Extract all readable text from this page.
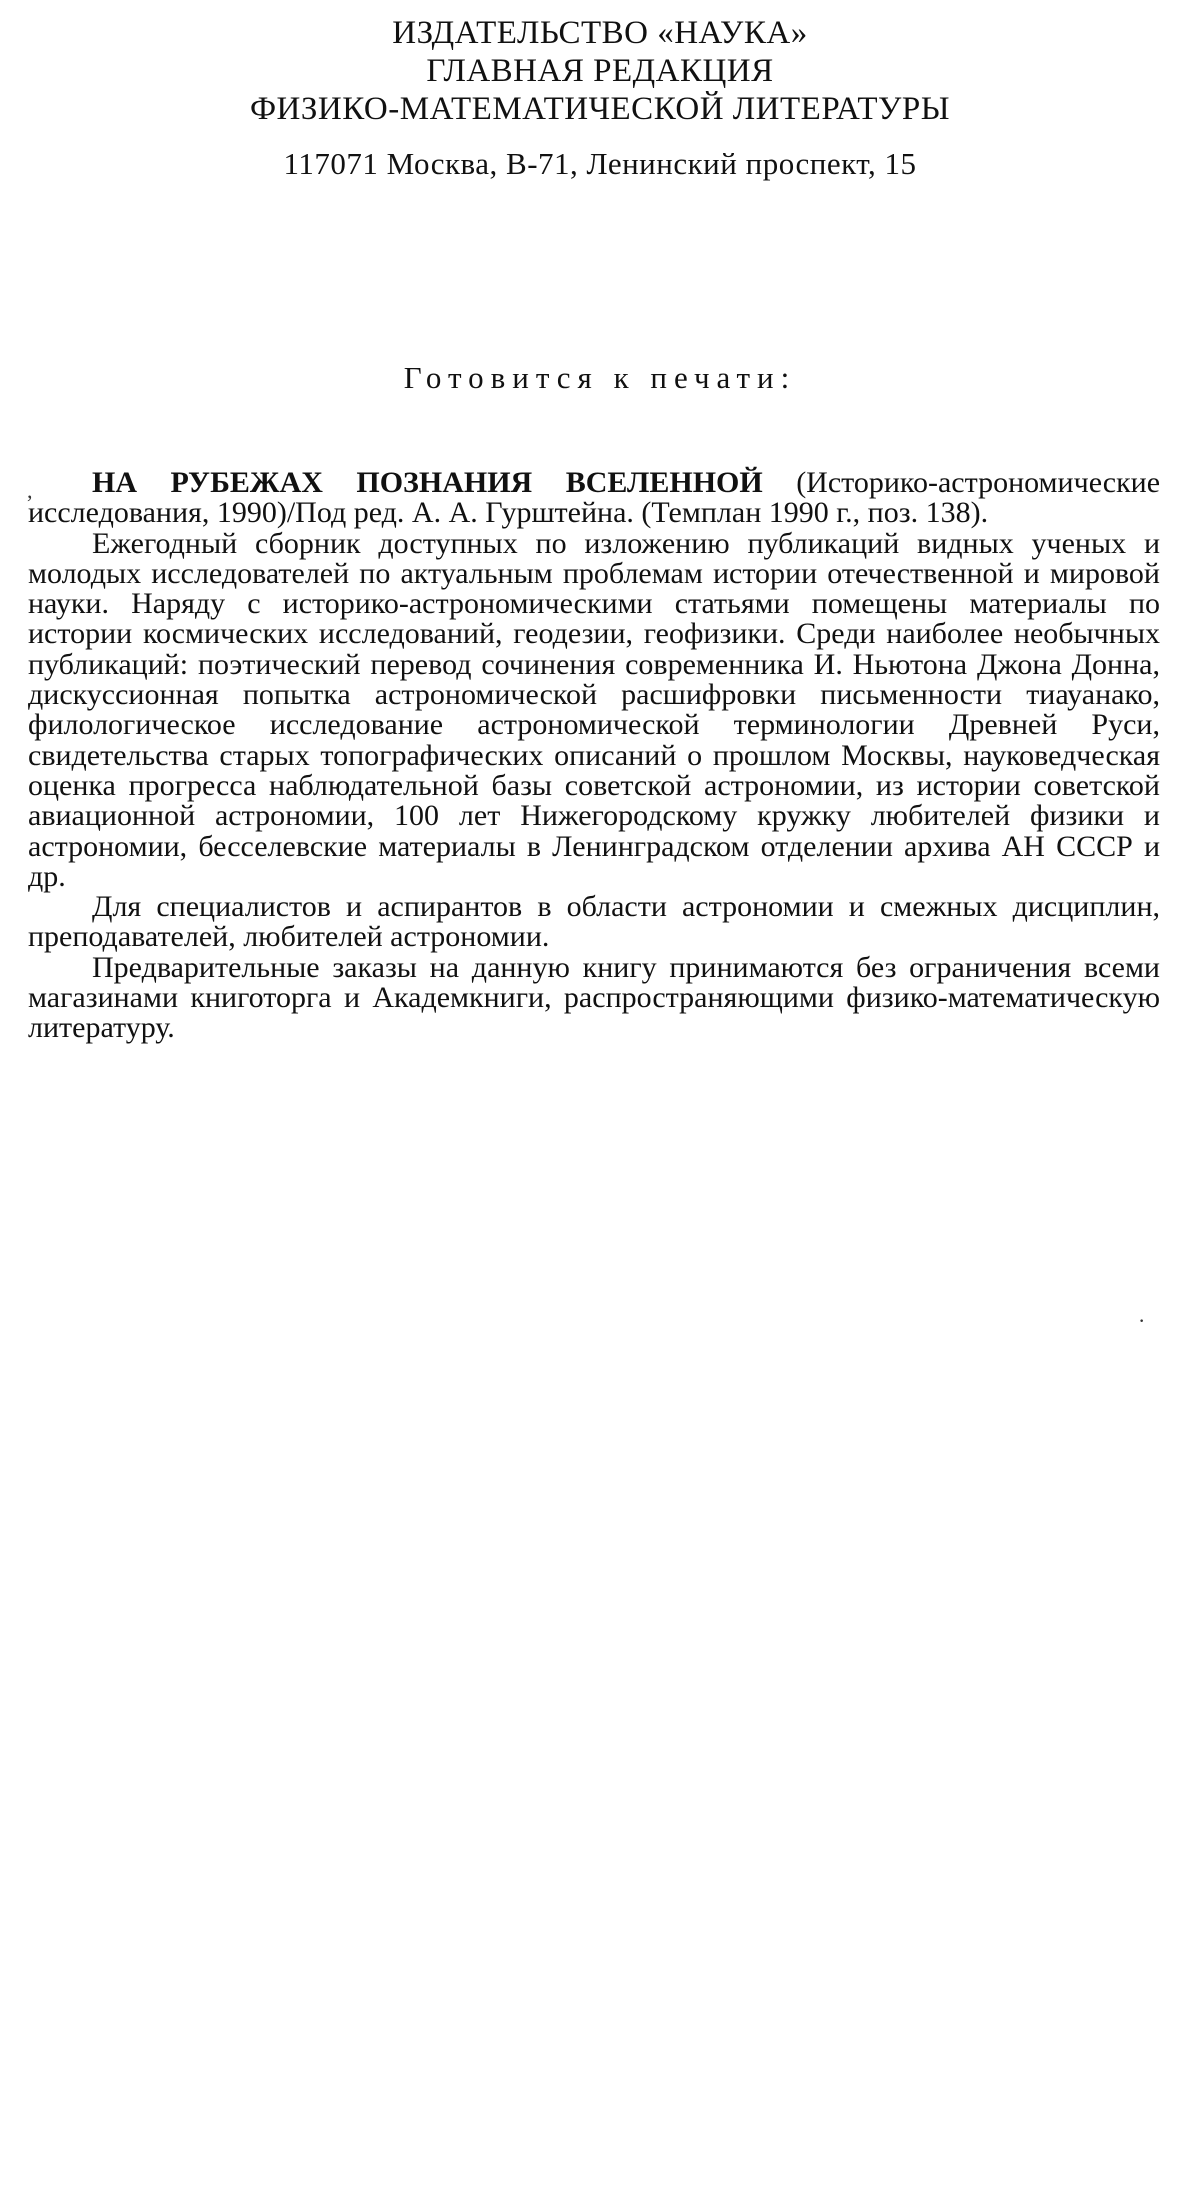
ИЗДАТЕЛЬСТВО «НАУКА»
ГЛАВНАЯ РЕДАКЦИЯ
ФИЗИКО-МАТЕМАТИЧЕСКОЙ ЛИТЕРАТУРЫ
117071 Москва, В-71, Ленинский проспект, 15
Готовится к печати:

НА РУБЕЖАХ ПОЗНАНИЯ ВСЕЛЕННОЙ (Историко-астрономические исследования, 1990)/Под ред. А. А. Гурштейна. (Темплан 1990 г., поз. 138).

Ежегодный сборник доступных по изложению публикаций видных ученых и молодых исследователей по актуальным проблемам истории отечественной и мировой науки. Наряду с историко-астрономическими статьями помещены материалы по истории космических исследований, геодезии, геофизики. Среди наиболее необычных публикаций: поэтический перевод сочинения современника И. Ньютона Джона Донна, дискуссионная попытка астрономической расшифровки письменности тиауанако, филологическое исследование астрономической терминологии Древней Руси, свидетельства старых топографических описаний о прошлом Москвы, науковедческая оценка прогресса наблюдательной базы советской астрономии, из истории советской авиационной астрономии, 100 лет Нижегородскому кружку любителей физики и астрономии, бесселевские материалы в Ленинградском отделении архива АН СССР и др.

Для специалистов и аспирантов в области астрономии и смежных дисциплин, преподавателей, любителей астрономии.

Предварительные заказы на данную книгу принимаются без ограничения всеми магазинами книготорга и Академкниги, распространяющими физико-математическую литературу.

,
·
